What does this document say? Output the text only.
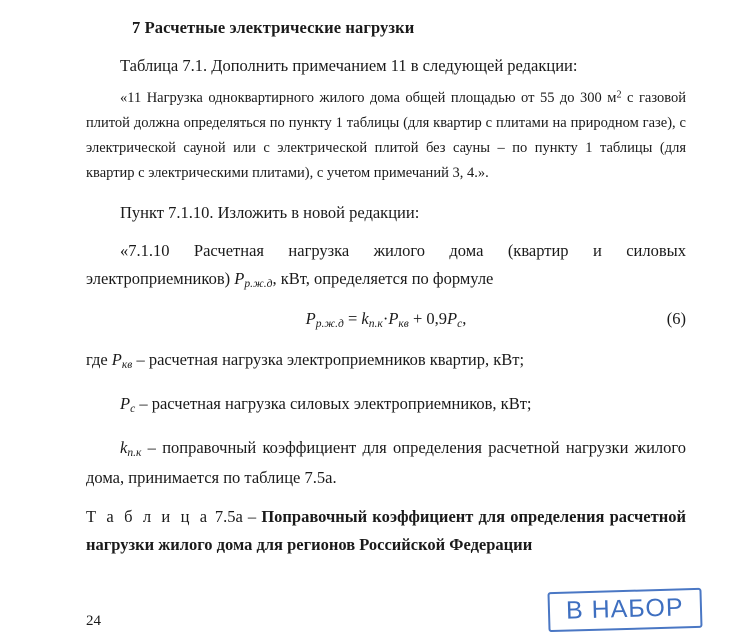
7 Расчетные электрические нагрузки

Таблица 7.1. Дополнить примечанием 11 в следующей редакции:

«11 Нагрузка одноквартирного жилого дома общей площадью от 55 до 300 $м^2$ с газовой плитой должна определяться по пункту 1 таблицы (для квартир с плитами на природном газе), с электрической сауной или с электрической плитой без сауны – по пункту 1 таблицы (для квартир с электрическими плитами), с учетом примечаний 3, 4.».

Пункт 7.1.10. Изложить в новой редакции:

«7.1.10 Расчетная нагрузка жилого дома (квартир и силовых электроприемников) $P_{р.ж.д}$, кВт, определяется по формуле

$P_{р.ж.д} = k_{п.к}\cdot P_{кв} + 0,9P_с$,	(6)

где $P_{кв}$ – расчетная нагрузка электроприемников квартир, кВт;

$P_с$ – расчетная нагрузка силовых электроприемников, кВт;

$k_{п.к}$ – поправочный коэффициент для определения расчетной нагрузки жилого дома, принимается по таблице 7.5а.

Т а б л и ц а 7.5а – Поправочный коэффициент для определения расчетной нагрузки жилого дома для регионов Российской Федерации

24	В НАБОР
